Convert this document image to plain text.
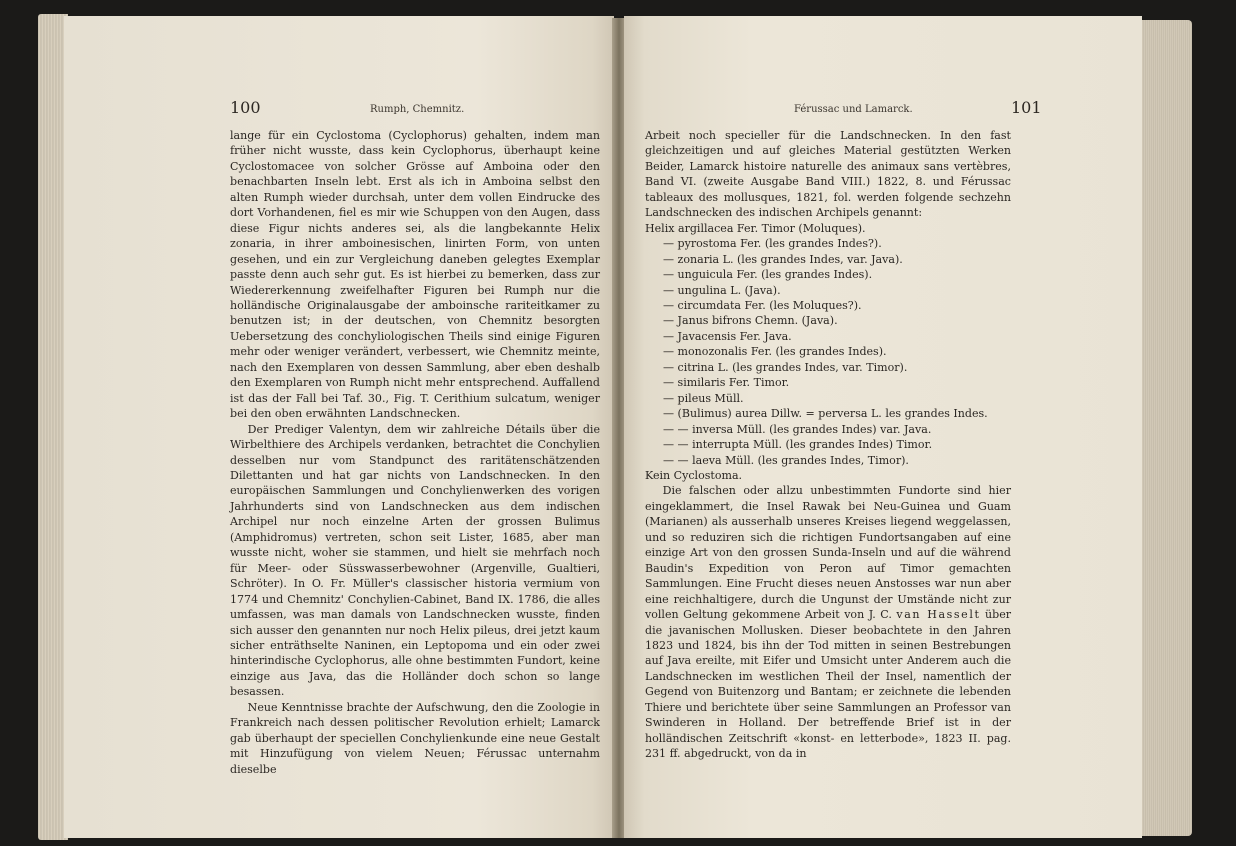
100	Rumph, Chemnitz.

lange für ein Cyclostoma (Cyclophorus) gehalten, indem man früher nicht wusste, dass kein Cyclophorus, überhaupt keine Cyclostomacee von solcher Grösse auf Amboina oder den benachbarten Inseln lebt. Erst als ich in Amboina selbst den alten Rumph wieder durchsah, unter dem vollen Eindrucke des dort Vorhandenen, fiel es mir wie Schuppen von den Augen, dass diese Figur nichts anderes sei, als die langbekannte Helix zonaria, in ihrer amboinesischen, linirten Form, von unten gesehen, und ein zur Vergleichung daneben gelegtes Exemplar passte denn auch sehr gut. Es ist hierbei zu bemerken, dass zur Wiedererkennung zweifelhafter Figuren bei Rumph nur die holländische Originalausgabe der amboinsche rariteitkamer zu benutzen ist; in der deutschen, von Chemnitz besorgten Uebersetzung des conchyliologischen Theils sind einige Figuren mehr oder weniger verändert, verbessert, wie Chemnitz meinte, nach den Exemplaren von dessen Sammlung, aber eben deshalb den Exemplaren von Rumph nicht mehr entsprechend. Auffallend ist das der Fall bei Taf. 30., Fig. T. Cerithium sulcatum, weniger bei den oben erwähnten Landschnecken.

Der Prediger Valentyn, dem wir zahlreiche Détails über die Wirbelthiere des Archipels verdanken, betrachtet die Conchylien desselben nur vom Standpunct des raritätenschätzenden Dilettanten und hat gar nichts von Landschnecken. In den europäischen Sammlungen und Conchylienwerken des vorigen Jahrhunderts sind von Landschnecken aus dem indischen Archipel nur noch einzelne Arten der grossen Bulimus (Amphidromus) vertreten, schon seit Lister, 1685, aber man wusste nicht, woher sie stammen, und hielt sie mehrfach noch für Meer- oder Süsswasserbewohner (Argenville, Gualtieri, Schröter). In O. Fr. Müller's classischer historia vermium von 1774 und Chemnitz' Conchylien-Cabinet, Band IX. 1786, die alles umfassen, was man damals von Landschnecken wusste, finden sich ausser den genannten nur noch Helix pileus, drei jetzt kaum sicher enträthselte Naninen, ein Leptopoma und ein oder zwei hinterindische Cyclophorus, alle ohne bestimmten Fundort, keine einzige aus Java, das die Holländer doch schon so lange besassen.

Neue Kenntnisse brachte der Aufschwung, den die Zoologie in Frankreich nach dessen politischer Revolution erhielt; Lamarck gab überhaupt der speciellen Conchylienkunde eine neue Gestalt mit Hinzufügung von vielem Neuen; Férussac unternahm dieselbe

Férussac und Lamarck.	101

Arbeit noch specieller für die Landschnecken. In den fast gleichzeitigen und auf gleiches Material gestützten Werken Beider, Lamarck histoire naturelle des animaux sans vertèbres, Band VI. (zweite Ausgabe Band VIII.) 1822, 8. und Férussac tableaux des mollusques, 1821, fol. werden folgende sechzehn Landschnecken des indischen Archipels genannt:

Helix argillacea Fer. Timor (Moluques).
— pyrostoma Fer. (les grandes Indes?).
— zonaria L. (les grandes Indes, var. Java).
— unguicula Fer. (les grandes Indes).
— ungulina L. (Java).
— circumdata Fer. (les Moluques?).
— Janus bifrons Chemn. (Java).
— Javacensis Fer. Java.
— monozonalis Fer. (les grandes Indes).
— citrina L. (les grandes Indes, var. Timor).
— similaris Fer. Timor.
— pileus Müll.
— (Bulimus) aurea Dillw. = perversa L. les grandes Indes.
— — inversa Müll. (les grandes Indes) var. Java.
— — interrupta Müll. (les grandes Indes) Timor.
— — laeva Müll. (les grandes Indes, Timor).
Kein Cyclostoma.

Die falschen oder allzu unbestimmten Fundorte sind hier eingeklammert, die Insel Rawak bei Neu-Guinea und Guam (Marianen) als ausserhalb unseres Kreises liegend weggelassen, und so reduziren sich die richtigen Fundortsangaben auf eine einzige Art von den grossen Sunda-Inseln und auf die während Baudin's Expedition von Peron auf Timor gemachten Sammlungen. Eine Frucht dieses neuen Anstosses war nun aber eine reichhaltigere, durch die Ungunst der Umstände nicht zur vollen Geltung gekommene Arbeit von J. C. van Hasselt über die javanischen Mollusken. Dieser beobachtete in den Jahren 1823 und 1824, bis ihn der Tod mitten in seinen Bestrebungen auf Java ereilte, mit Eifer und Umsicht unter Anderem auch die Landschnecken im westlichen Theil der Insel, namentlich der Gegend von Buitenzorg und Bantam; er zeichnete die lebenden Thiere und berichtete über seine Sammlungen an Professor van Swinderen in Holland. Der betreffende Brief ist in der holländischen Zeitschrift «konst- en letterbode», 1823 II. pag. 231 ff. abgedruckt, von da in
